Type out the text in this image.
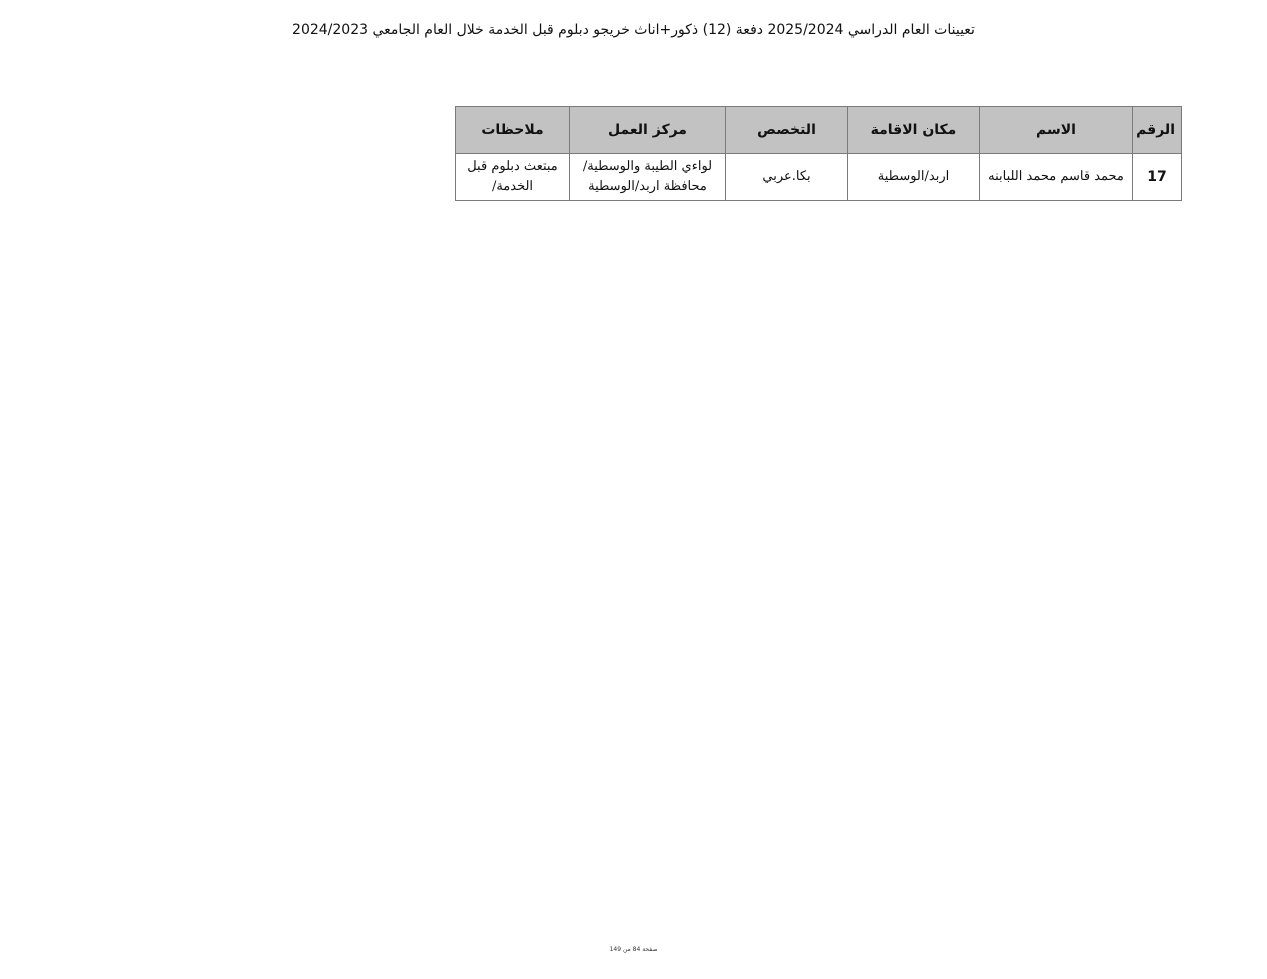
تعيينات العام الدراسي 2025/2024 دفعة (12) ذكور+اناث خريجو دبلوم قبل الخدمة خلال العام الجامعي 2024/2023
الرقم	الاسم	مكان الاقامة	التخصص	مركز العمل	ملاحظات
17	محمد قاسم محمد اللبابنه	اربد/الوسطية	بكا.عربي	لواءي الطيبة والوسطية/محافظة اربد/الوسطية	مبتعث دبلوم قبل الخدمة/
صفحة 84 من 149
